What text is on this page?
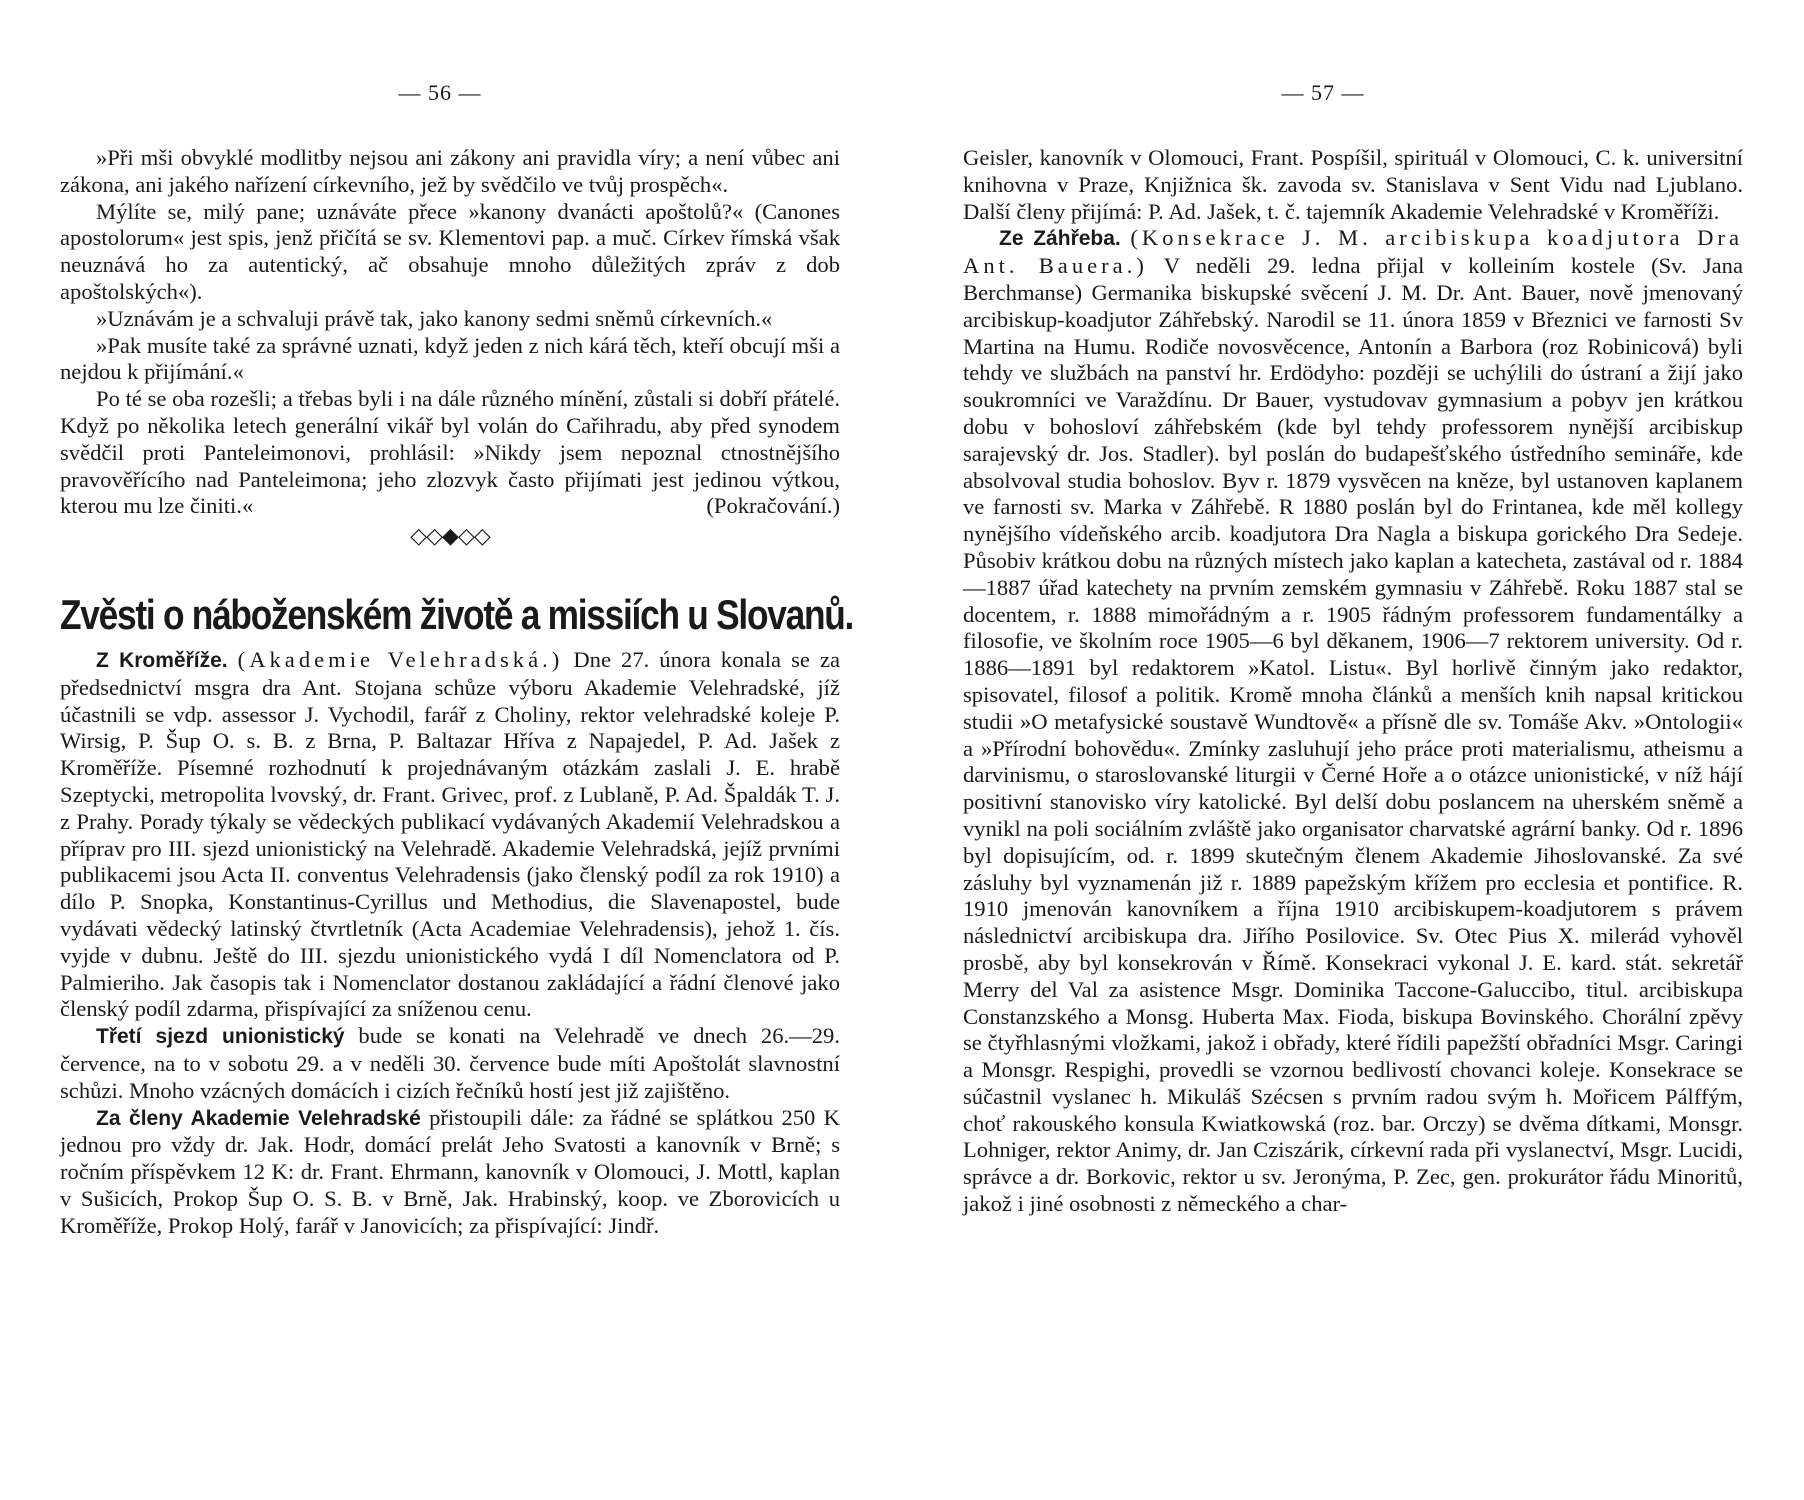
— 56 —

»Při mši obvyklé modlitby nejsou ani zákony ani pravidla víry; a není vůbec ani zákona, ani jakého nařízení církevního, jež by svědčilo ve tvůj prospěch«.

Mýlíte se, milý pane; uznáváte přece »kanony dvanácti apoštolů?« (Canones apostolorum« jest spis, jenž přičítá se sv. Klementovi pap. a muč. Církev římská však neuznává ho za autentický, ač obsahuje mnoho důležitých zpráv z dob apoštolských«).

»Uznávám je a schvaluji právě tak, jako kanony sedmi sněmů církevních.«

»Pak musíte také za správné uznati, když jeden z nich kárá těch, kteří obcují mši a nejdou k přijímání.«

Po té se oba rozešli; a třebas byli i na dále různého mínění, zůstali si dobří přátelé. Když po několika letech generální vikář byl volán do Cařihradu, aby před synodem svědčil proti Panteleimonovi, prohlásil: »Nikdy jsem nepoznal ctnostnějšího pravověřícího nad Panteleimona; jeho zlozvyk často přijímati jest jedinou výtkou,

kterou mu lze činiti.«	(Pokračování.)
◇◇◆◇◇
Zvěsti o náboženském životě a missiích u Slovanů.

Z Kroměříže. (Akademie Velehradská.) Dne 27. února konala se za předsednictví msgra dra Ant. Stojana schůze výboru Akademie Velehradské, jíž účastnili se vdp. assessor J. Vychodil, farář z Choliny, rektor velehradské koleje P. Wirsig, P. Šup O. s. B. z Brna, P. Baltazar Hříva z Napajedel, P. Ad. Jašek z Kroměříže. Písemné rozhodnutí k projednávaným otázkám zaslali J. E. hrabě Szeptycki, metropolita lvovský, dr. Frant. Grivec, prof. z Lublaně, P. Ad. Špaldák T. J. z Prahy. Porady týkaly se vědeckých publikací vydávaných Akademií Velehradskou a příprav pro III. sjezd unionistický na Velehradě. Akademie Velehradská, jejíž prvními publikacemi jsou Acta II. conventus Velehradensis (jako členský podíl za rok 1910) a dílo P. Snopka, Konstantinus-Cyrillus und Methodius, die Slavenapostel, bude vydávati vědecký latinský čtvrtletník (Acta Academiae Velehradensis), jehož 1. čís. vyjde v dubnu. Ještě do III. sjezdu unionistického vydá I díl Nomenclatora od P. Palmieriho. Jak časopis tak i Nomenclator dostanou zakládající a řádní členové jako členský podíl zdarma, přispívající za sníženou cenu.

Třetí sjezd unionistický bude se konati na Velehradě ve dnech 26.—29. července, na to v sobotu 29. a v neděli 30. července bude míti Apoštolát slavnostní schůzi. Mnoho vzácných domácích i cizích řečníků hostí jest již zajištěno.

Za členy Akademie Velehradské přistoupili dále: za řádné se splátkou 250 K jednou pro vždy dr. Jak. Hodr, domácí prelát Jeho Svatosti a kanovník v Brně; s ročním příspěvkem 12 K: dr. Frant. Ehrmann, kanovník v Olomouci, J. Mottl, kaplan v Sušicích, Prokop Šup O. S. B. v Brně, Jak. Hrabinský, koop. ve Zborovicích u Kroměříže, Prokop Holý, farář v Janovicích; za přispívající: Jindř.

— 57 —

Geisler, kanovník v Olomouci, Frant. Pospíšil, spirituál v Olomouci, C. k. universitní knihovna v Praze, Knjižnica šk. zavoda sv. Stanislava v Sent Vidu nad Ljublano. Další členy přijímá: P. Ad. Jašek, t. č. tajemník Akademie Velehradské v Kroměříži.

Ze Záhřeba. (Konsekrace J. M. arcibiskupa koadjutora Dra Ant. Bauera.) V neděli 29. ledna přijal v kolleiním kostele (Sv. Jana Berchmanse) Germanika biskupské svěcení J. M. Dr. Ant. Bauer, nově jmenovaný arcibiskup-koadjutor Záhřebský. Narodil se 11. února 1859 v Březnici ve farnosti Sv Martina na Humu. Rodiče novosvěcence, Antonín a Barbora (roz Robinicová) byli tehdy ve službách na panství hr. Erdödyho: později se uchýlili do ústraní a žijí jako soukromníci ve Varaždínu. Dr Bauer, vystudovav gymnasium a pobyv jen krátkou dobu v bohosloví záhřebském (kde byl tehdy professorem nynější arcibiskup sarajevský dr. Jos. Stadler). byl poslán do budapešťského ústředního semináře, kde absolvoval studia bohoslov. Byv r. 1879 vysvěcen na kněze, byl ustanoven kaplanem ve farnosti sv. Marka v Záhřebě. R 1880 poslán byl do Frintanea, kde měl kollegy nynějšího vídeňského arcib. koadjutora Dra Nagla a biskupa gorického Dra Sedeje. Působiv krátkou dobu na různých místech jako kaplan a katecheta, zastával od r. 1884—1887 úřad katechety na prvním zemském gymnasiu v Záhřebě. Roku 1887 stal se docentem, r. 1888 mimořádným a r. 1905 řádným professorem fundamentálky a filosofie, ve školním roce 1905—6 byl děkanem, 1906—7 rektorem university. Od r. 1886—1891 byl redaktorem »Katol. Listu«. Byl horlivě činným jako redaktor, spisovatel, filosof a politik. Kromě mnoha článků a menších knih napsal kritickou studii »O metafysické soustavě Wundtově« a přísně dle sv. Tomáše Akv. »Ontologii« a »Přírodní bohovědu«. Zmínky zasluhují jeho práce proti materialismu, atheismu a darvinismu, o staroslovanské liturgii v Černé Hoře a o otázce unionistické, v níž hájí positivní stanovisko víry katolické. Byl delší dobu poslancem na uherském sněmě a vynikl na poli sociálním zvláště jako organisator charvatské agrární banky. Od r. 1896 byl dopisujícím, od. r. 1899 skutečným členem Akademie Jihoslovanské. Za své zásluhy byl vyznamenán již r. 1889 papežským křížem pro ecclesia et pontifice. R. 1910 jmenován kanovníkem a října 1910 arcibiskupem-koadjutorem s právem následnictví arcibiskupa dra. Jiřího Posilovice. Sv. Otec Pius X. milerád vyhověl prosbě, aby byl konsekrován v Římě. Konsekraci vykonal J. E. kard. stát. sekretář Merry del Val za asistence Msgr. Dominika Taccone-Galuccibo, titul. arcibiskupa Constanzského a Monsg. Huberta Max. Fioda, biskupa Bovinského. Chorální zpěvy se čtyřhlasnými vložkami, jakož i obřady, které řídili papežští obřadníci Msgr. Caringi a Monsgr. Respighi, provedli se vzornou bedlivostí chovanci koleje. Konsekrace se súčastnil vyslanec h. Mikuláš Szécsen s prvním radou svým h. Mořicem Pálffým, choť rakouského konsula Kwiatkowská (roz. bar. Orczy) se dvěma dítkami, Monsgr. Lohniger, rektor Animy, dr. Jan Cziszárik, církevní rada při vyslanectví, Msgr. Lucidi, správce a dr. Borkovic, rektor u sv. Jeronýma, P. Zec, gen. prokurátor řádu Minoritů, jakož i jiné osobnosti z německého a char-
